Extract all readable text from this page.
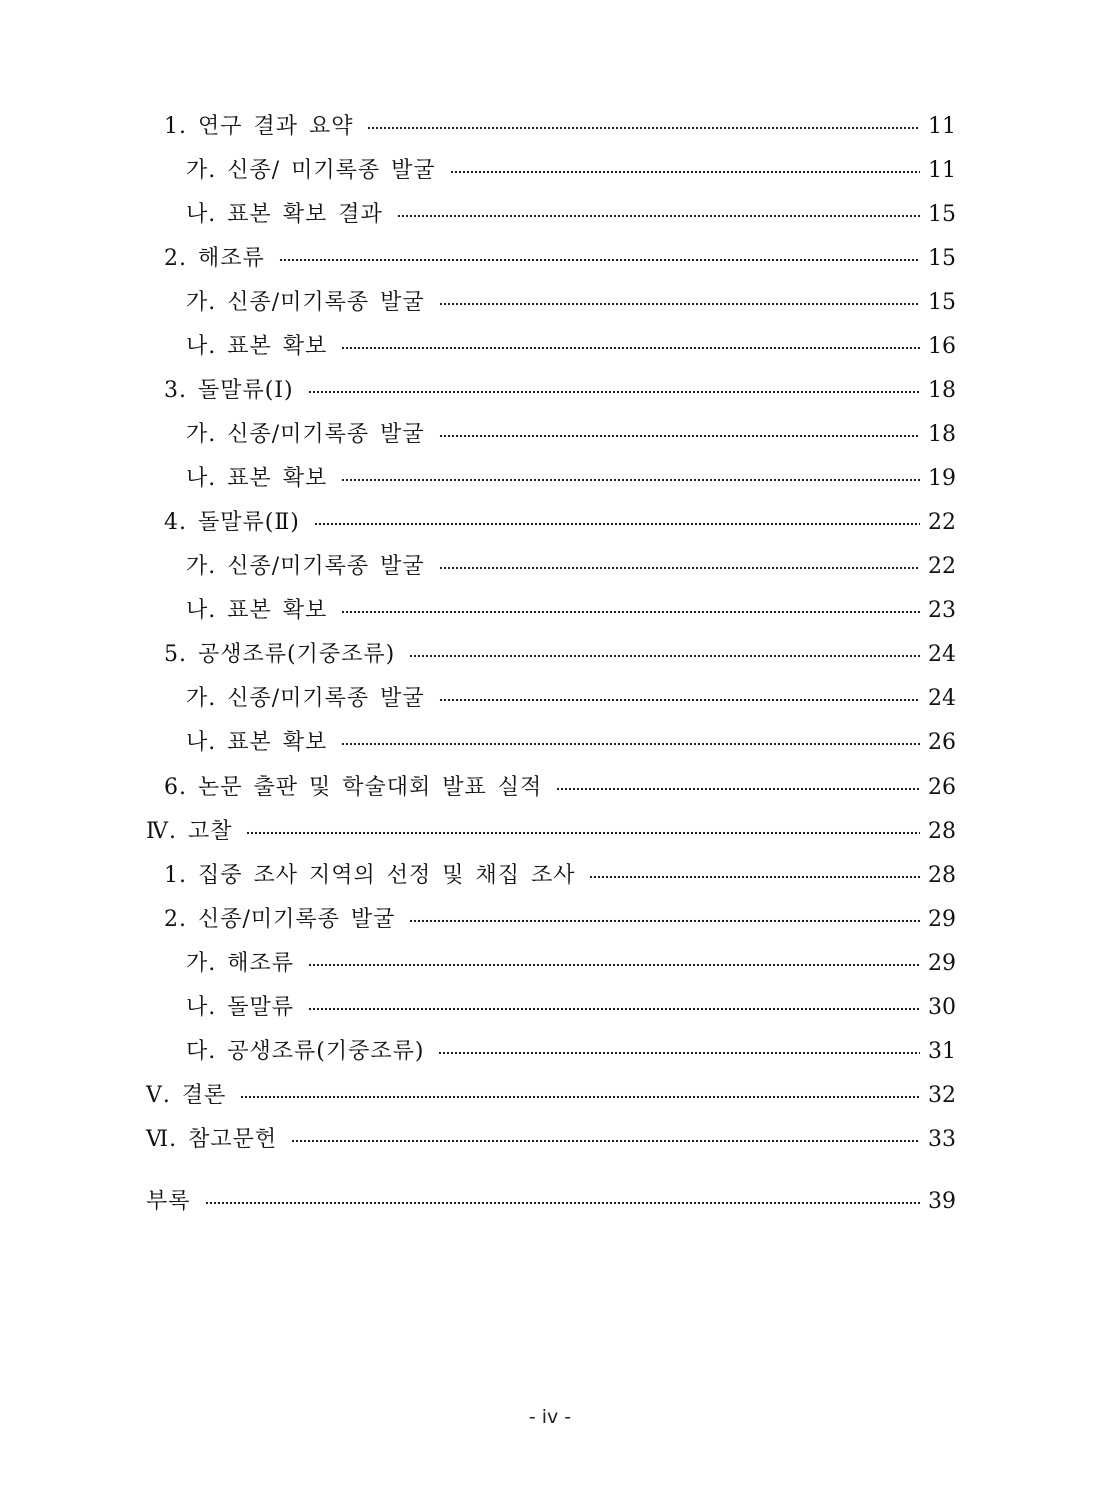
1. 연구 결과 요약	11
가. 신종/ 미기록종 발굴	11
나. 표본 확보 결과	15
2. 해조류	15
가. 신종/미기록종 발굴	15
나. 표본 확보	16
3. 돌말류(Ⅰ)	18
가. 신종/미기록종 발굴	18
나. 표본 확보	19
4. 돌말류(Ⅱ)	22
가. 신종/미기록종 발굴	22
나. 표본 확보	23
5. 공생조류(기중조류)	24
가. 신종/미기록종 발굴	24
나. 표본 확보	26
6. 논문 출판 및 학술대회 발표 실적	26
Ⅳ. 고찰	28
1. 집중 조사 지역의 선정 및 채집 조사	28
2. 신종/미기록종 발굴	29
가. 해조류	29
나. 돌말류	30
다. 공생조류(기중조류)	31
Ⅴ. 결론	32
Ⅵ. 참고문헌	33
부록	39
- iv -
